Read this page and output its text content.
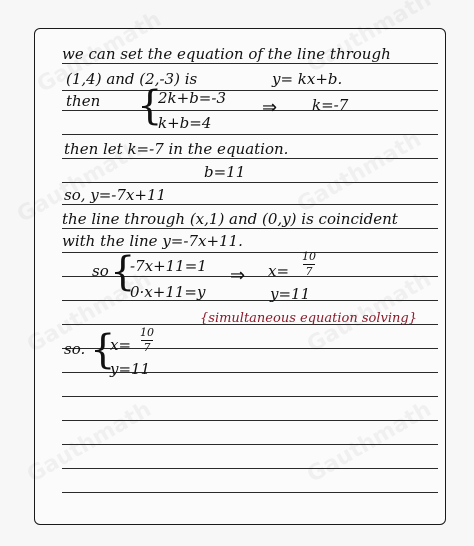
we can set the equation of the line through
(1,4) and (2,-3) is	y= kx+b.
then {
2k+b=-3 ⇒ k=-7
k+b=4
then let k=-7 in the equation.
b=11
so, y=-7x+11
the line through (x,1) and (0,y) is coincident
with the line y=-7x+11.
so {
-7x+11=1 ⇒ x=
10
7
0·x+11=y	y=11
{simultaneous equation solving}
so. {
x=
10
7
y=11
